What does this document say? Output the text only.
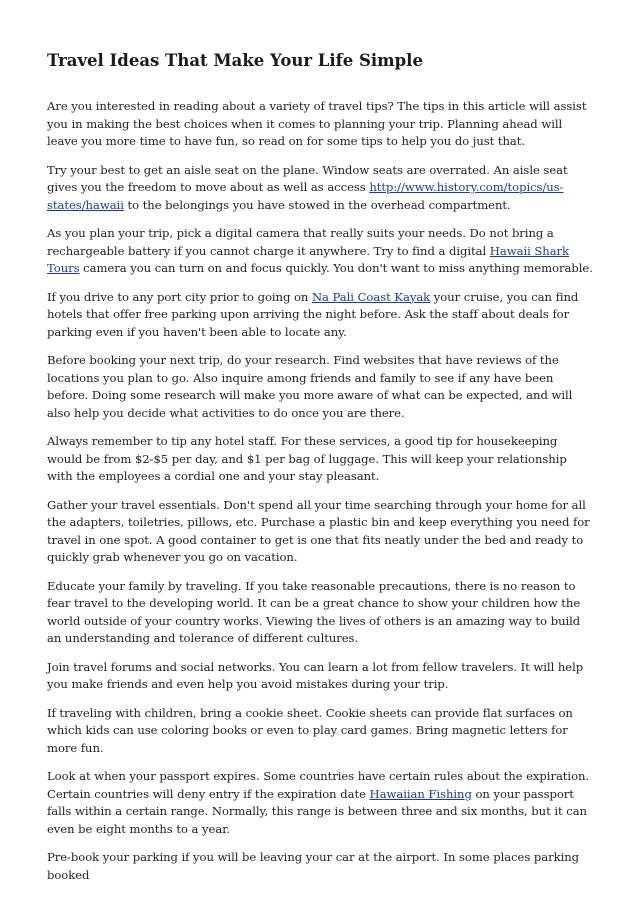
Travel Ideas That Make Your Life Simple

Are you interested in reading about a variety of travel tips? The tips in this article will assist you in making the best choices when it comes to planning your trip. Planning ahead will leave you more time to have fun, so read on for some tips to help you do just that.

Try your best to get an aisle seat on the plane. Window seats are overrated. An aisle seat gives you the freedom to move about as well as access http://www.history.com/topics/us-states/hawaii to the belongings you have stowed in the overhead compartment.

As you plan your trip, pick a digital camera that really suits your needs. Do not bring a rechargeable battery if you cannot charge it anywhere. Try to find a digital Hawaii Shark Tours camera you can turn on and focus quickly. You don't want to miss anything memorable.

If you drive to any port city prior to going on Na Pali Coast Kayak your cruise, you can find hotels that offer free parking upon arriving the night before. Ask the staff about deals for parking even if you haven't been able to locate any.

Before booking your next trip, do your research. Find websites that have reviews of the locations you plan to go. Also inquire among friends and family to see if any have been before. Doing some research will make you more aware of what can be expected, and will also help you decide what activities to do once you are there.

Always remember to tip any hotel staff. For these services, a good tip for housekeeping would be from $2-$5 per day, and $1 per bag of luggage. This will keep your relationship with the employees a cordial one and your stay pleasant.

Gather your travel essentials. Don't spend all your time searching through your home for all the adapters, toiletries, pillows, etc. Purchase a plastic bin and keep everything you need for travel in one spot. A good container to get is one that fits neatly under the bed and ready to quickly grab whenever you go on vacation.

Educate your family by traveling. If you take reasonable precautions, there is no reason to fear travel to the developing world. It can be a great chance to show your children how the world outside of your country works. Viewing the lives of others is an amazing way to build an understanding and tolerance of different cultures.

Join travel forums and social networks. You can learn a lot from fellow travelers. It will help you make friends and even help you avoid mistakes during your trip.

If traveling with children, bring a cookie sheet. Cookie sheets can provide flat surfaces on which kids can use coloring books or even to play card games. Bring magnetic letters for more fun.

Look at when your passport expires. Some countries have certain rules about the expiration. Certain countries will deny entry if the expiration date Hawaiian Fishing on your passport falls within a certain range. Normally, this range is between three and six months, but it can even be eight months to a year.

Pre-book your parking if you will be leaving your car at the airport. In some places parking booked
